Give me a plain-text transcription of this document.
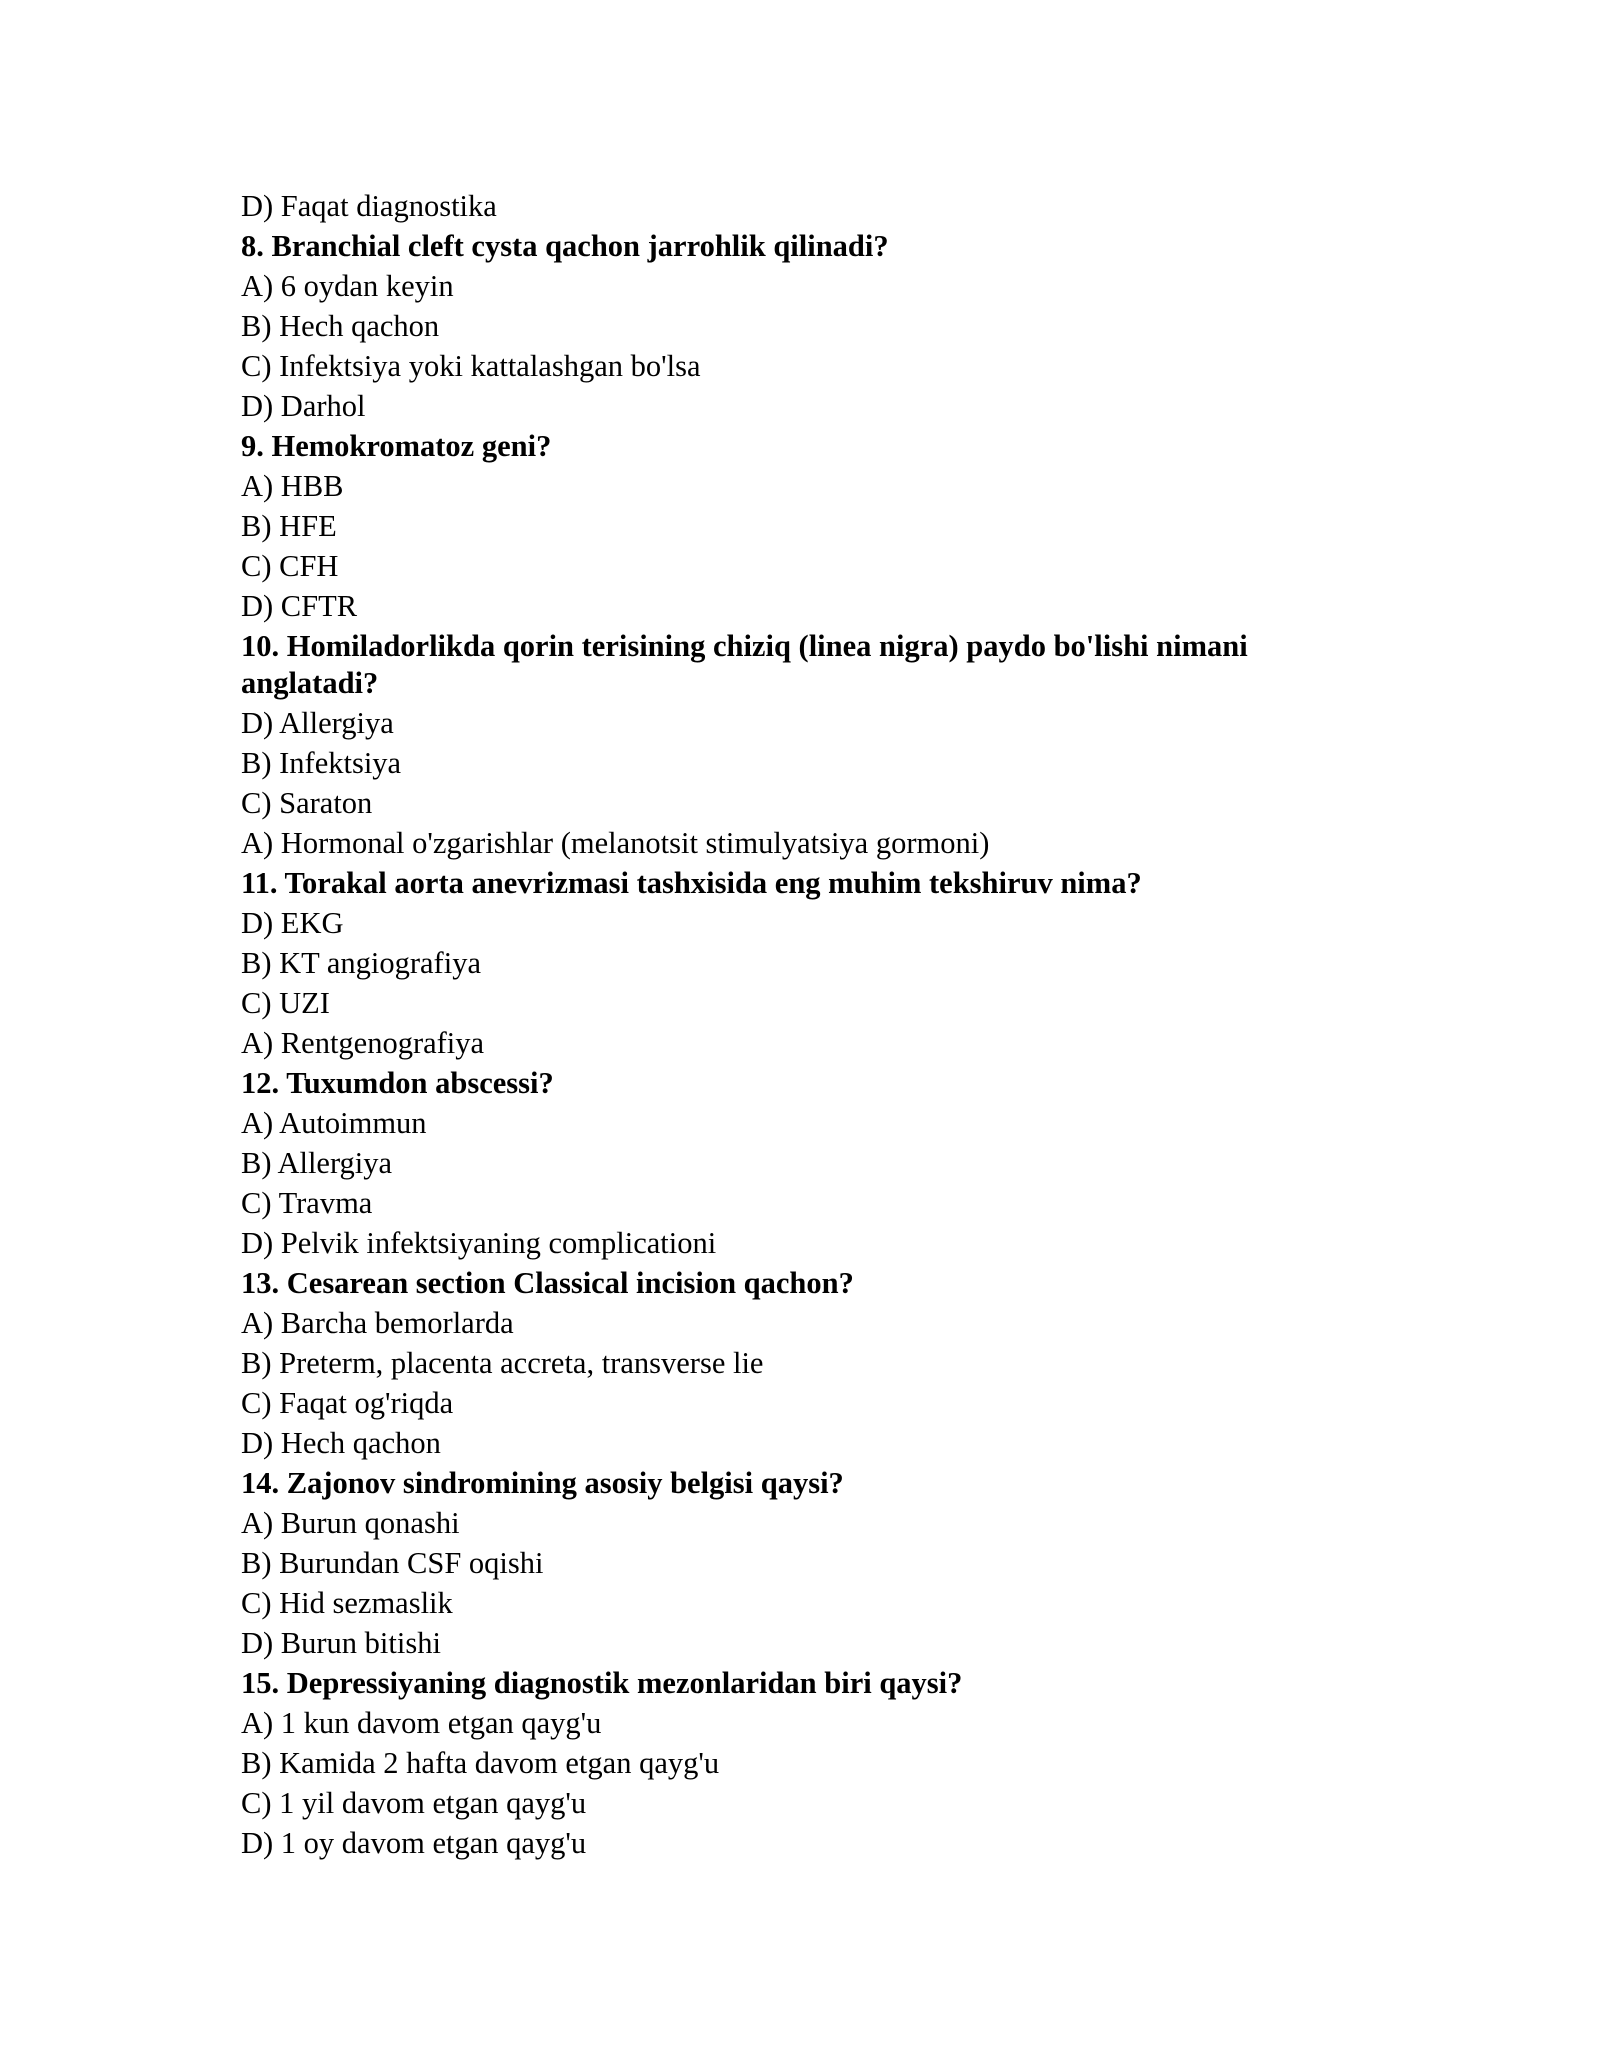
D) Faqat diagnostika
8. Branchial cleft cysta qachon jarrohlik qilinadi?
A) 6 oydan keyin
B) Hech qachon
C) Infektsiya yoki kattalashgan bo'lsa
D) Darhol
9. Hemokromatoz geni?
A) HBB
B) HFE
C) CFH
D) CFTR
10. Homiladorlikda qorin terisining chiziq (linea nigra) paydo bo'lishi nimani anglatadi?
D) Allergiya
B) Infektsiya
C) Saraton
A) Hormonal o'zgarishlar (melanotsit stimulyatsiya gormoni)
11. Torakal aorta anevrizmasi tashxisida eng muhim tekshiruv nima?
D) EKG
B) KT angiografiya
C) UZI
A) Rentgenografiya
12. Tuxumdon abscessi?
A) Autoimmun
B) Allergiya
C) Travma
D) Pelvik infektsiyaning complicationi
13. Cesarean section Classical incision qachon?
A) Barcha bemorlarda
B) Preterm, placenta accreta, transverse lie
C) Faqat og'riqda
D) Hech qachon
14. Zajonov sindromining asosiy belgisi qaysi?
A) Burun qonashi
B) Burundan CSF oqishi
C) Hid sezmaslik
D) Burun bitishi
15. Depressiyaning diagnostik mezonlaridan biri qaysi?
A) 1 kun davom etgan qayg'u
B) Kamida 2 hafta davom etgan qayg'u
C) 1 yil davom etgan qayg'u
D) 1 oy davom etgan qayg'u
